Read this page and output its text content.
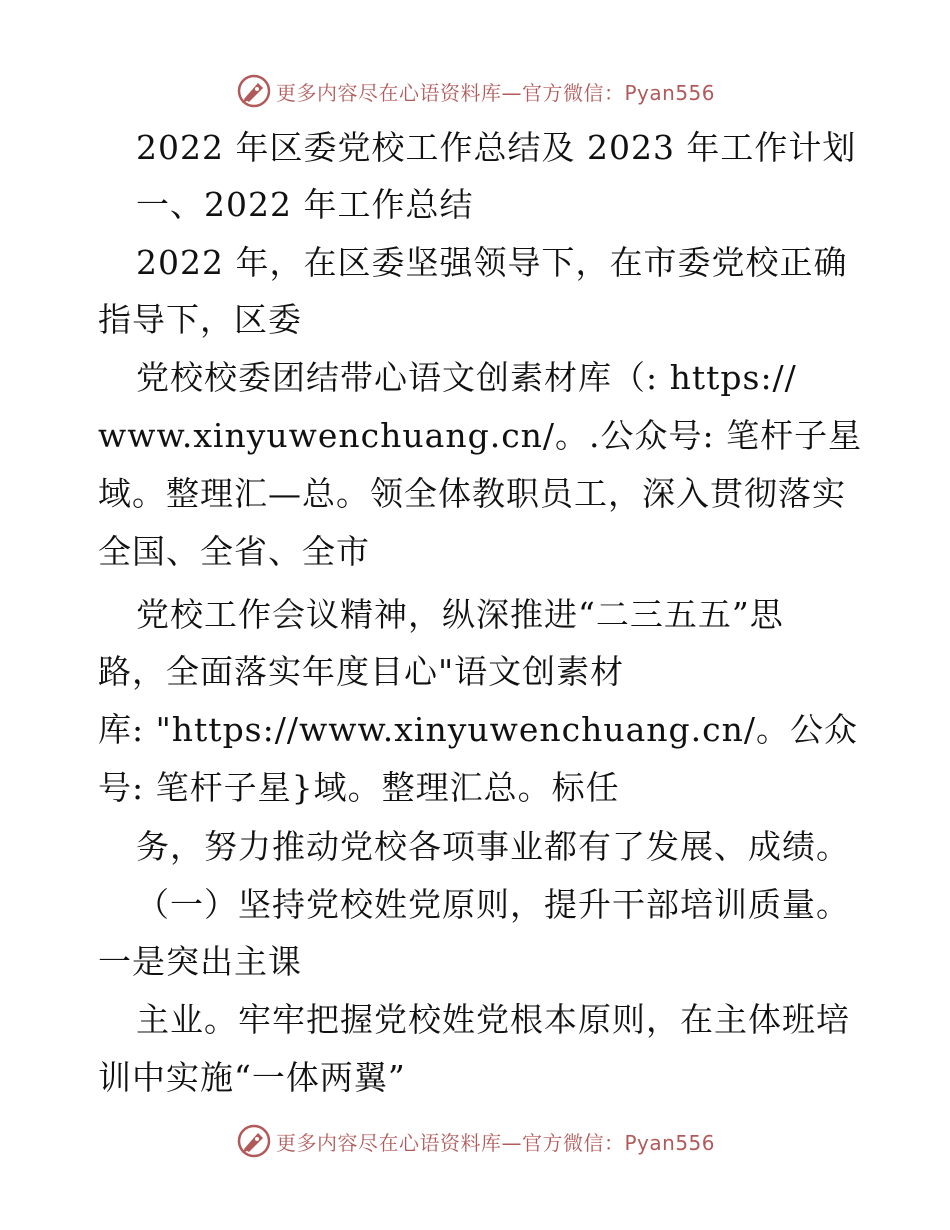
更多内容尽在心语资料库—官方微信：Pyan556
2022 年区委党校工作总结及 2023 年工作计划
一、2022 年工作总结
2022 年，在区委坚强领导下，在市委党校正确
指导下，区委
党校校委团结带心语文创素材库（: https://
www.xinyuwenchuang.cn/。.公众号: 笔杆子星
域。整理汇—总。领全体教职员工，深入贯彻落实
全国、全省、全市
党校工作会议精神，纵深推进“二三五五”思
路，全面落实年度目心"语文创素材
库: "https://www.xinyuwenchuang.cn/。公众
号: 笔杆子星}域。整理汇总。标任
务，努力推动党校各项事业都有了发展、成绩。
（一）坚持党校姓党原则，提升干部培训质量。
一是突出主课
主业。牢牢把握党校姓党根本原则，在主体班培
训中实施“一体两翼”
更多内容尽在心语资料库—官方微信：Pyan556
